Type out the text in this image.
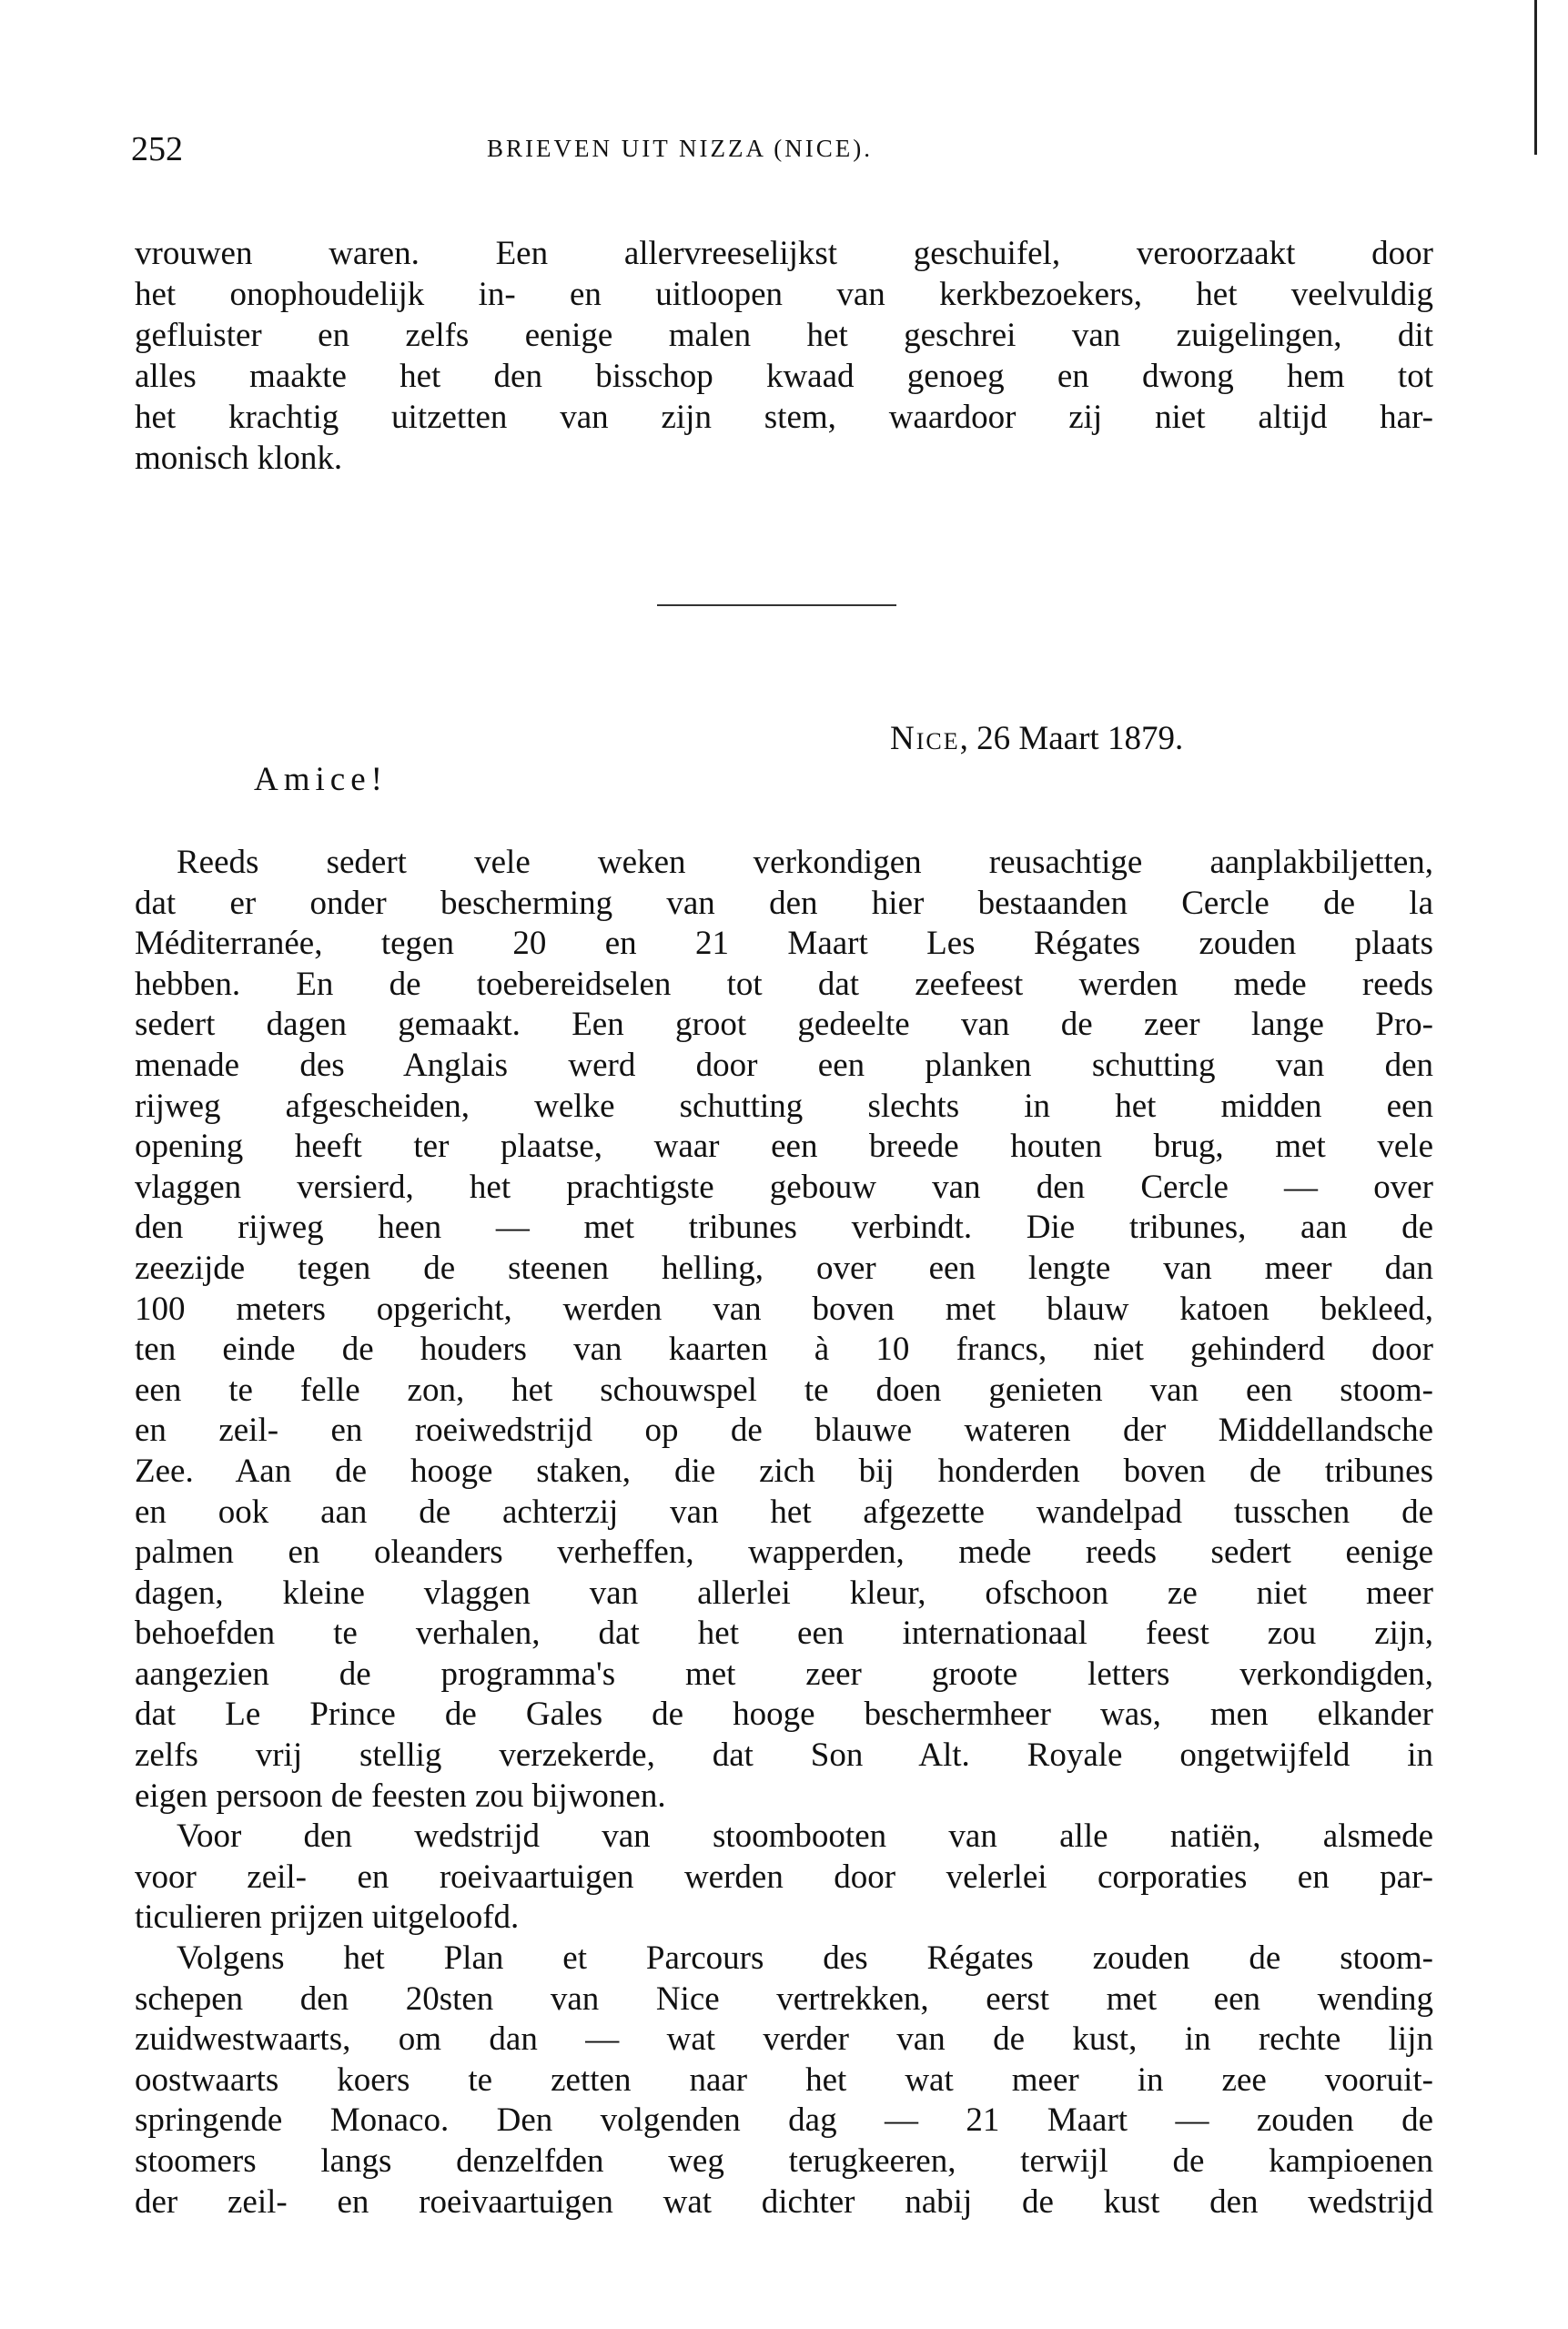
252	BRIEVEN UIT NIZZA (NICE).
vrouwen waren. Een allervreeselijkst geschuifel, veroorzaakt door
het onophoudelijk in- en uitloopen van kerkbezoekers, het veelvuldig
gefluister en zelfs eenige malen het geschrei van zuigelingen, dit
alles maakte het den bisschop kwaad genoeg en dwong hem tot
het krachtig uitzetten van zijn stem, waardoor zij niet altijd har-
monisch klonk.
Nice, 26 Maart 1879.
Amice!
Reeds sedert vele weken verkondigen reusachtige aanplakbiljetten,
dat er onder bescherming van den hier bestaanden Cercle de la
Méditerranée, tegen 20 en 21 Maart Les Régates zouden plaats
hebben. En de toebereidselen tot dat zeefeest werden mede reeds
sedert dagen gemaakt. Een groot gedeelte van de zeer lange Pro-
menade des Anglais werd door een planken schutting van den
rijweg afgescheiden, welke schutting slechts in het midden een
opening heeft ter plaatse, waar een breede houten brug, met vele
vlaggen versierd, het prachtigste gebouw van den Cercle — over
den rijweg heen — met tribunes verbindt. Die tribunes, aan de
zeezijde tegen de steenen helling, over een lengte van meer dan
100 meters opgericht, werden van boven met blauw katoen bekleed,
ten einde de houders van kaarten à 10 francs, niet gehinderd door
een te felle zon, het schouwspel te doen genieten van een stoom-
en zeil- en roeiwedstrijd op de blauwe wateren der Middellandsche
Zee. Aan de hooge staken, die zich bij honderden boven de tribunes
en ook aan de achterzij van het afgezette wandelpad tusschen de
palmen en oleanders verheffen, wapperden, mede reeds sedert eenige
dagen, kleine vlaggen van allerlei kleur, ofschoon ze niet meer
behoefden te verhalen, dat het een internationaal feest zou zijn,
aangezien de programma's met zeer groote letters verkondigden,
dat Le Prince de Gales de hooge beschermheer was, men elkander
zelfs vrij stellig verzekerde, dat Son Alt. Royale ongetwijfeld in
eigen persoon de feesten zou bijwonen.
Voor den wedstrijd van stoombooten van alle natiën, alsmede
voor zeil- en roeivaartuigen werden door velerlei corporaties en par-
ticulieren prijzen uitgeloofd.
Volgens het Plan et Parcours des Régates zouden de stoom-
schepen den 20sten van Nice vertrekken, eerst met een wending
zuidwestwaarts, om dan — wat verder van de kust, in rechte lijn
oostwaarts koers te zetten naar het wat meer in zee vooruit-
springende Monaco. Den volgenden dag — 21 Maart — zouden de
stoomers langs denzelfden weg terugkeeren, terwijl de kampioenen
der zeil- en roeivaartuigen wat dichter nabij de kust den wedstrijd
